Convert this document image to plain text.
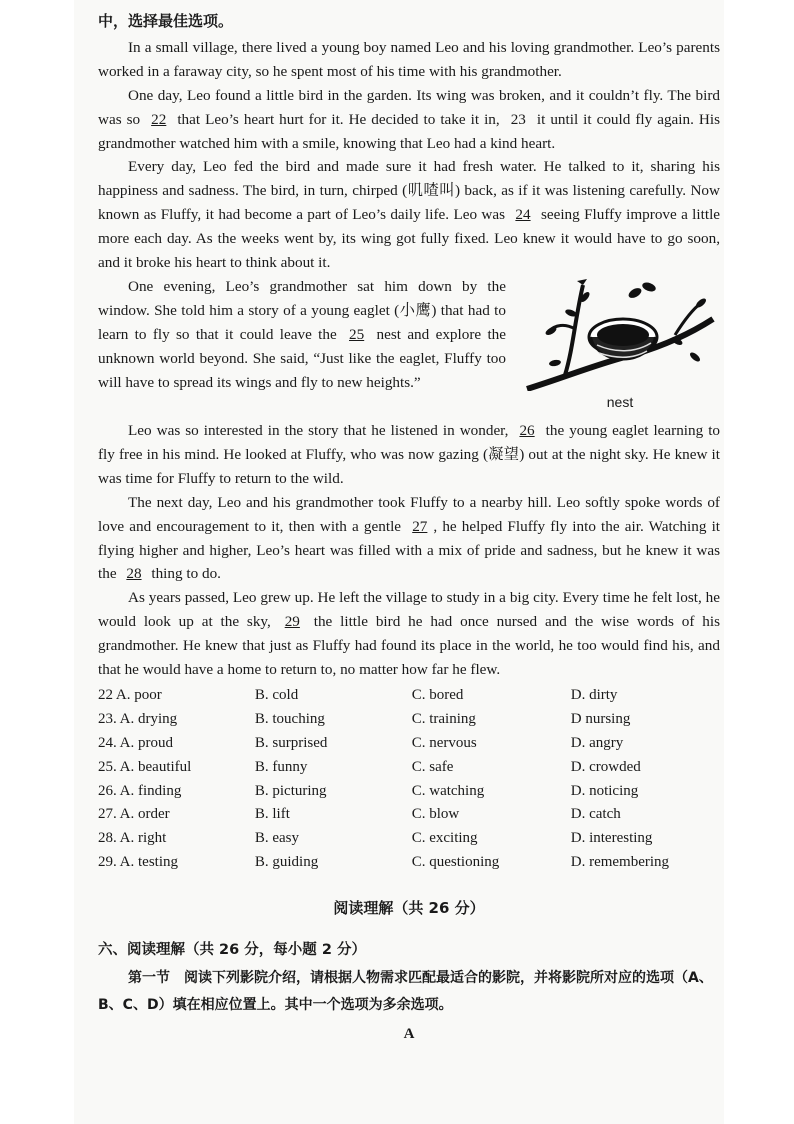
中，选择最佳选项。

In a small village, there lived a young boy named Leo and his loving grandmother. Leo’s parents worked in a faraway city, so he spent most of his time with his grandmother.

One day, Leo found a little bird in the garden. Its wing was broken, and it couldn’t fly. The bird was so 22 that Leo’s heart hurt for it. He decided to take it in, 23 it until it could fly again. His grandmother watched him with a smile, knowing that Leo had a kind heart.

Every day, Leo fed the bird and made sure it had fresh water. He talked to it, sharing his happiness and sadness. The bird, in turn, chirped (叽喳叫) back, as if it was listening carefully. Now known as Fluffy, it had become a part of Leo’s daily life. Leo was 24 seeing Fluffy improve a little more each day. As the weeks went by, its wing got fully fixed. Leo knew it would have to go soon, and it broke his heart to think about it.

nest

One evening, Leo’s grandmother sat him down by the window. She told him a story of a young eaglet (小鹰) that had to learn to fly so that it could leave the 25 nest and explore the unknown world beyond. She said, “Just like the eaglet, Fluffy too will have to spread its wings and fly to new heights.”

Leo was so interested in the story that he listened in wonder, 26 the young eaglet learning to fly free in his mind. He looked at Fluffy, who was now gazing (凝望) out at the night sky. He knew it was time for Fluffy to return to the wild.

The next day, Leo and his grandmother took Fluffy to a nearby hill. Leo softly spoke words of love and encouragement to it, then with a gentle 27 , he helped Fluffy fly into the air. Watching it flying higher and higher, Leo’s heart was filled with a mix of pride and sadness, but he knew it was the 28 thing to do.

As years passed, Leo grew up. He left the village to study in a big city. Every time he felt lost, he would look up at the sky, 29 the little bird he had once nursed and the wise words of his grandmother. He knew that just as Fluffy had found its place in the world, he too would find his, and that he would have a home to return to, no matter how far he flew.

22 A. poor	B. cold	C. bored	D. dirty
23. A. drying	B. touching	C. training	D nursing
24. A. proud	B. surprised	C. nervous	D. angry
25. A. beautiful	B. funny	C. safe	D. crowded
26. A. finding	B. picturing	C. watching	D. noticing
27. A. order	B. lift	C. blow	D. catch
28. A. right	B. easy	C. exciting	D. interesting
29. A. testing	B. guiding	C. questioning	D. remembering
阅读理解（共 26 分）
六、阅读理解（共 26 分，每小题 2 分）
第一节　阅读下列影院介绍，请根据人物需求匹配最适合的影院，并将影院所对应的选项（A、B、C、D）填在相应位置上。其中一个选项为多余选项。
A
